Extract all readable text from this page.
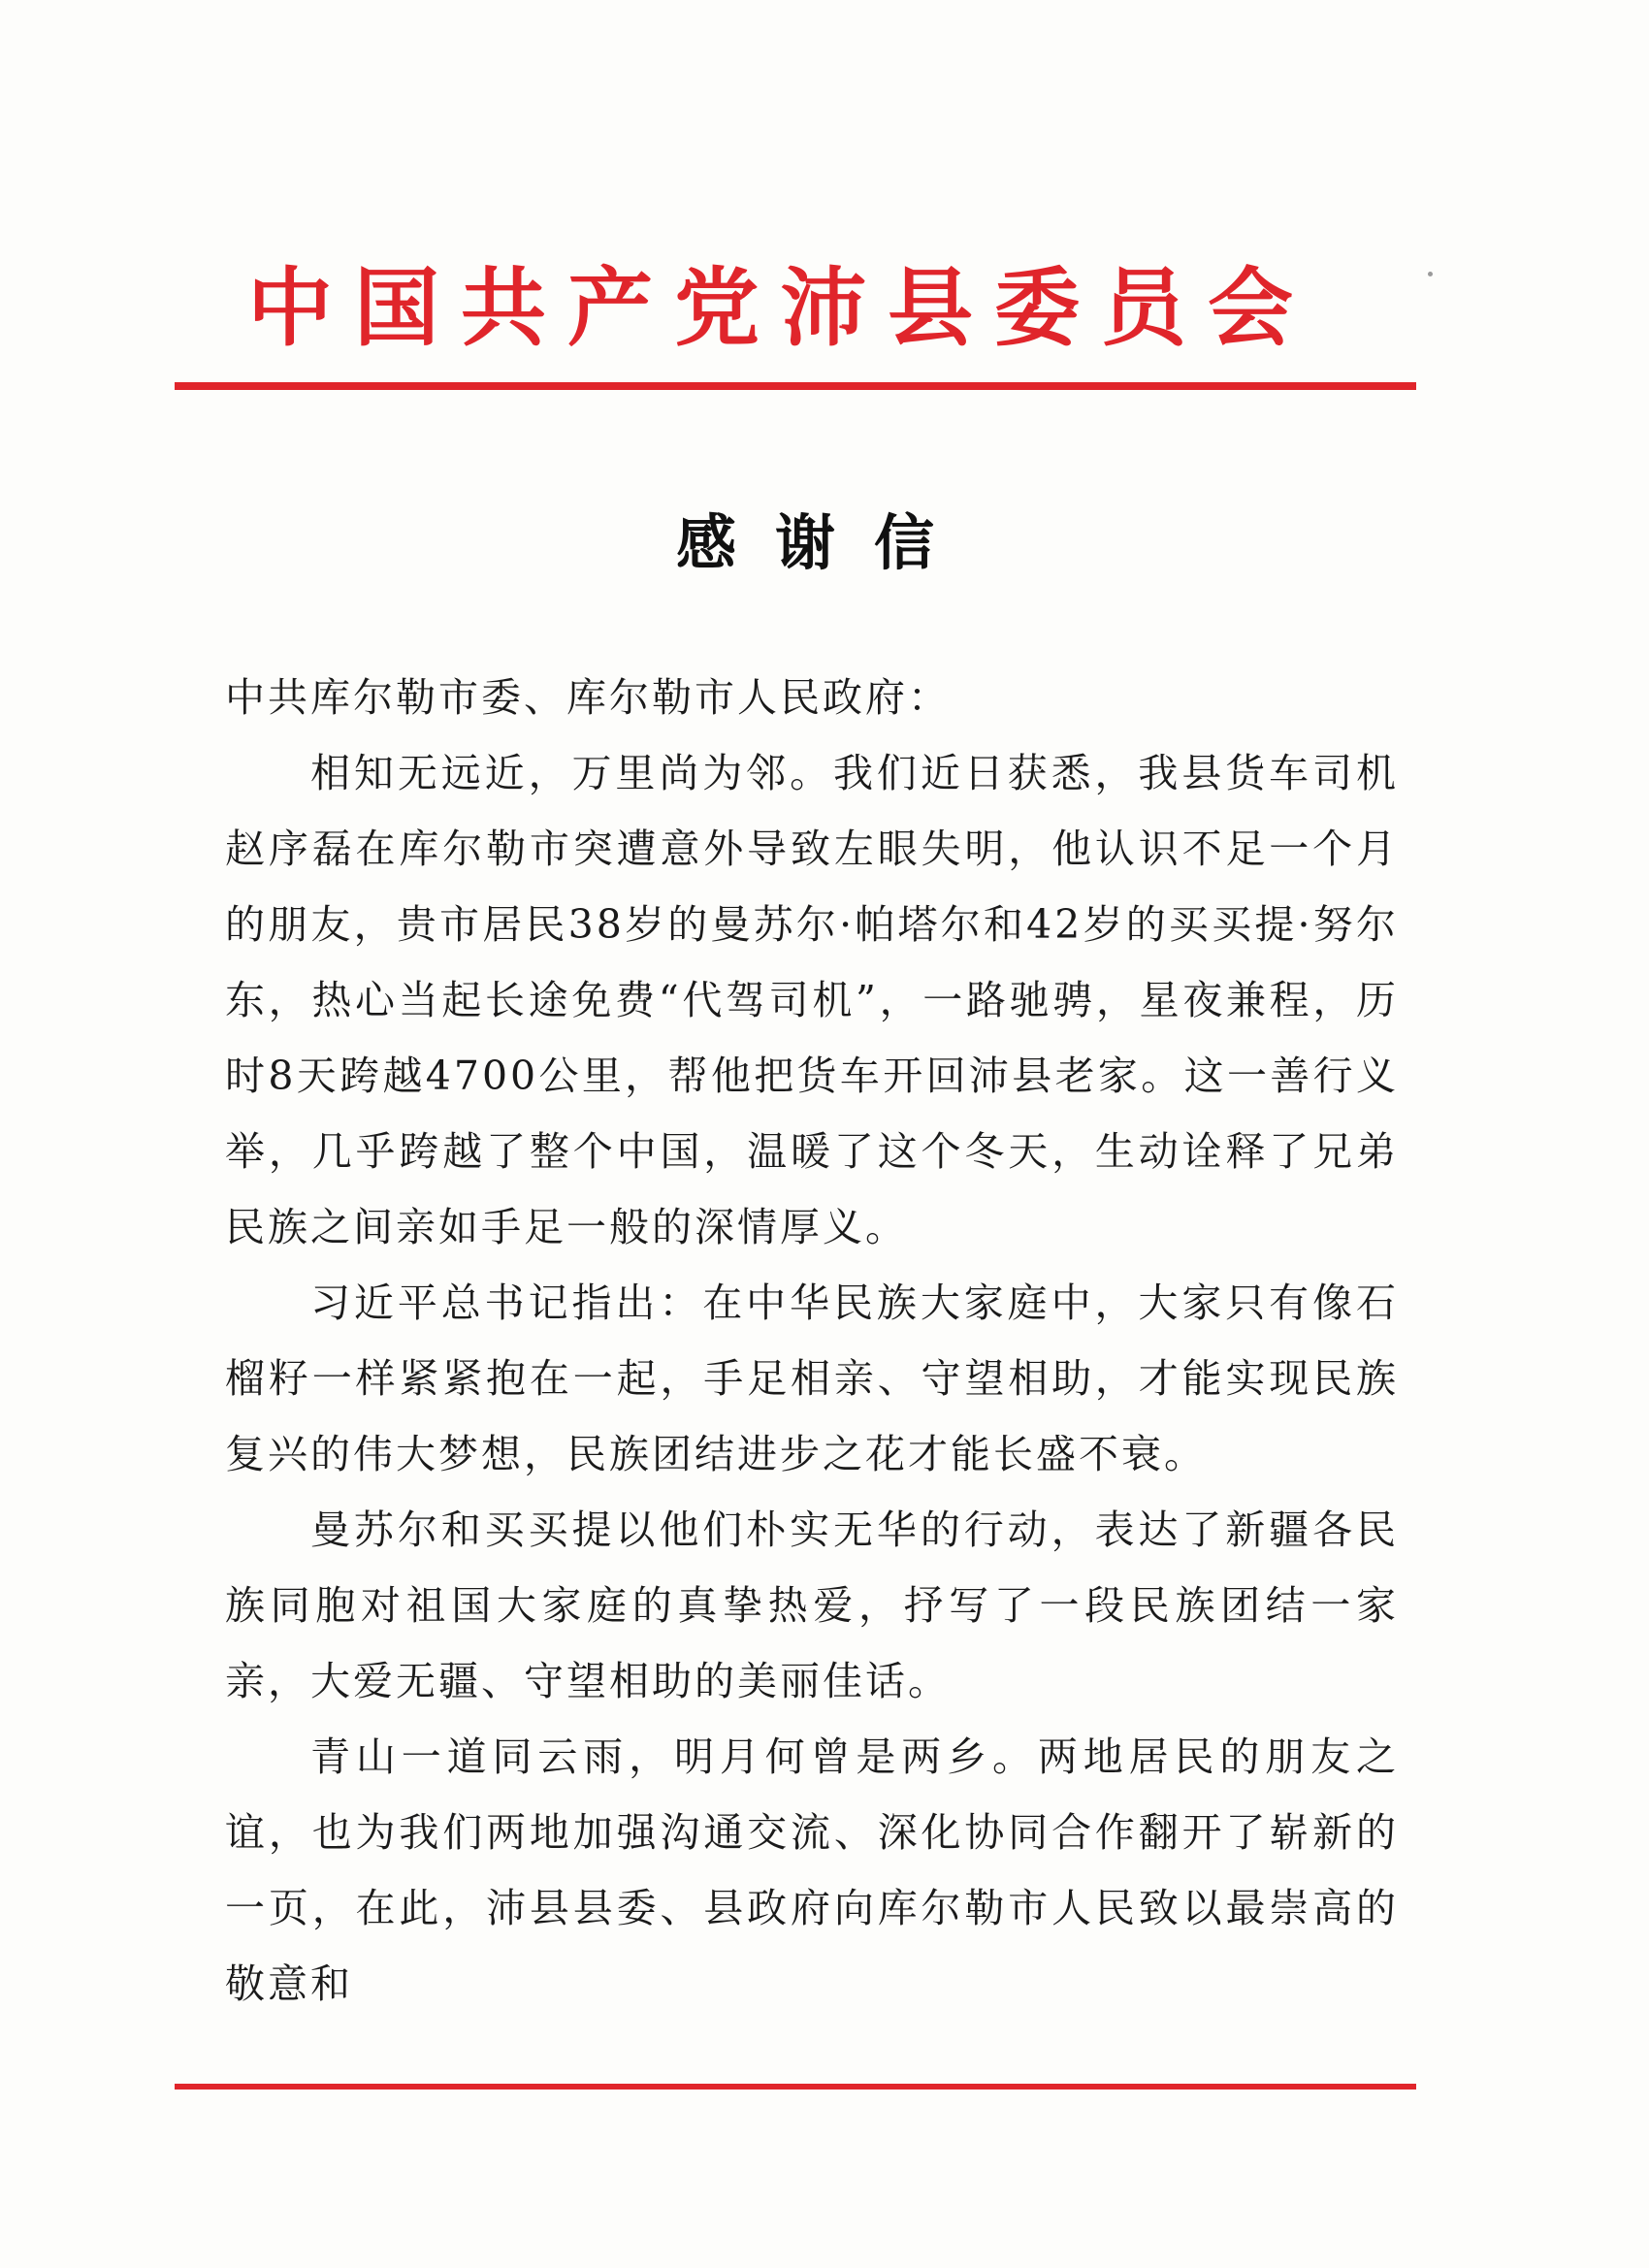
中国共产党沛县委员会
感谢信

中共库尔勒市委、库尔勒市人民政府：

相知无远近，万里尚为邻。我们近日获悉，我县货车司机赵序磊在库尔勒市突遭意外导致左眼失明，他认识不足一个月的朋友，贵市居民38岁的曼苏尔·帕塔尔和42岁的买买提·努尔东，热心当起长途免费“代驾司机”，一路驰骋，星夜兼程，历时8天跨越4700公里，帮他把货车开回沛县老家。这一善行义举，几乎跨越了整个中国，温暖了这个冬天，生动诠释了兄弟民族之间亲如手足一般的深情厚义。

习近平总书记指出：在中华民族大家庭中，大家只有像石榴籽一样紧紧抱在一起，手足相亲、守望相助，才能实现民族复兴的伟大梦想，民族团结进步之花才能长盛不衰。

曼苏尔和买买提以他们朴实无华的行动，表达了新疆各民族同胞对祖国大家庭的真挚热爱，抒写了一段民族团结一家亲，大爱无疆、守望相助的美丽佳话。

青山一道同云雨，明月何曾是两乡。两地居民的朋友之谊，也为我们两地加强沟通交流、深化协同合作翻开了崭新的一页，在此，沛县县委、县政府向库尔勒市人民致以最崇高的敬意和
